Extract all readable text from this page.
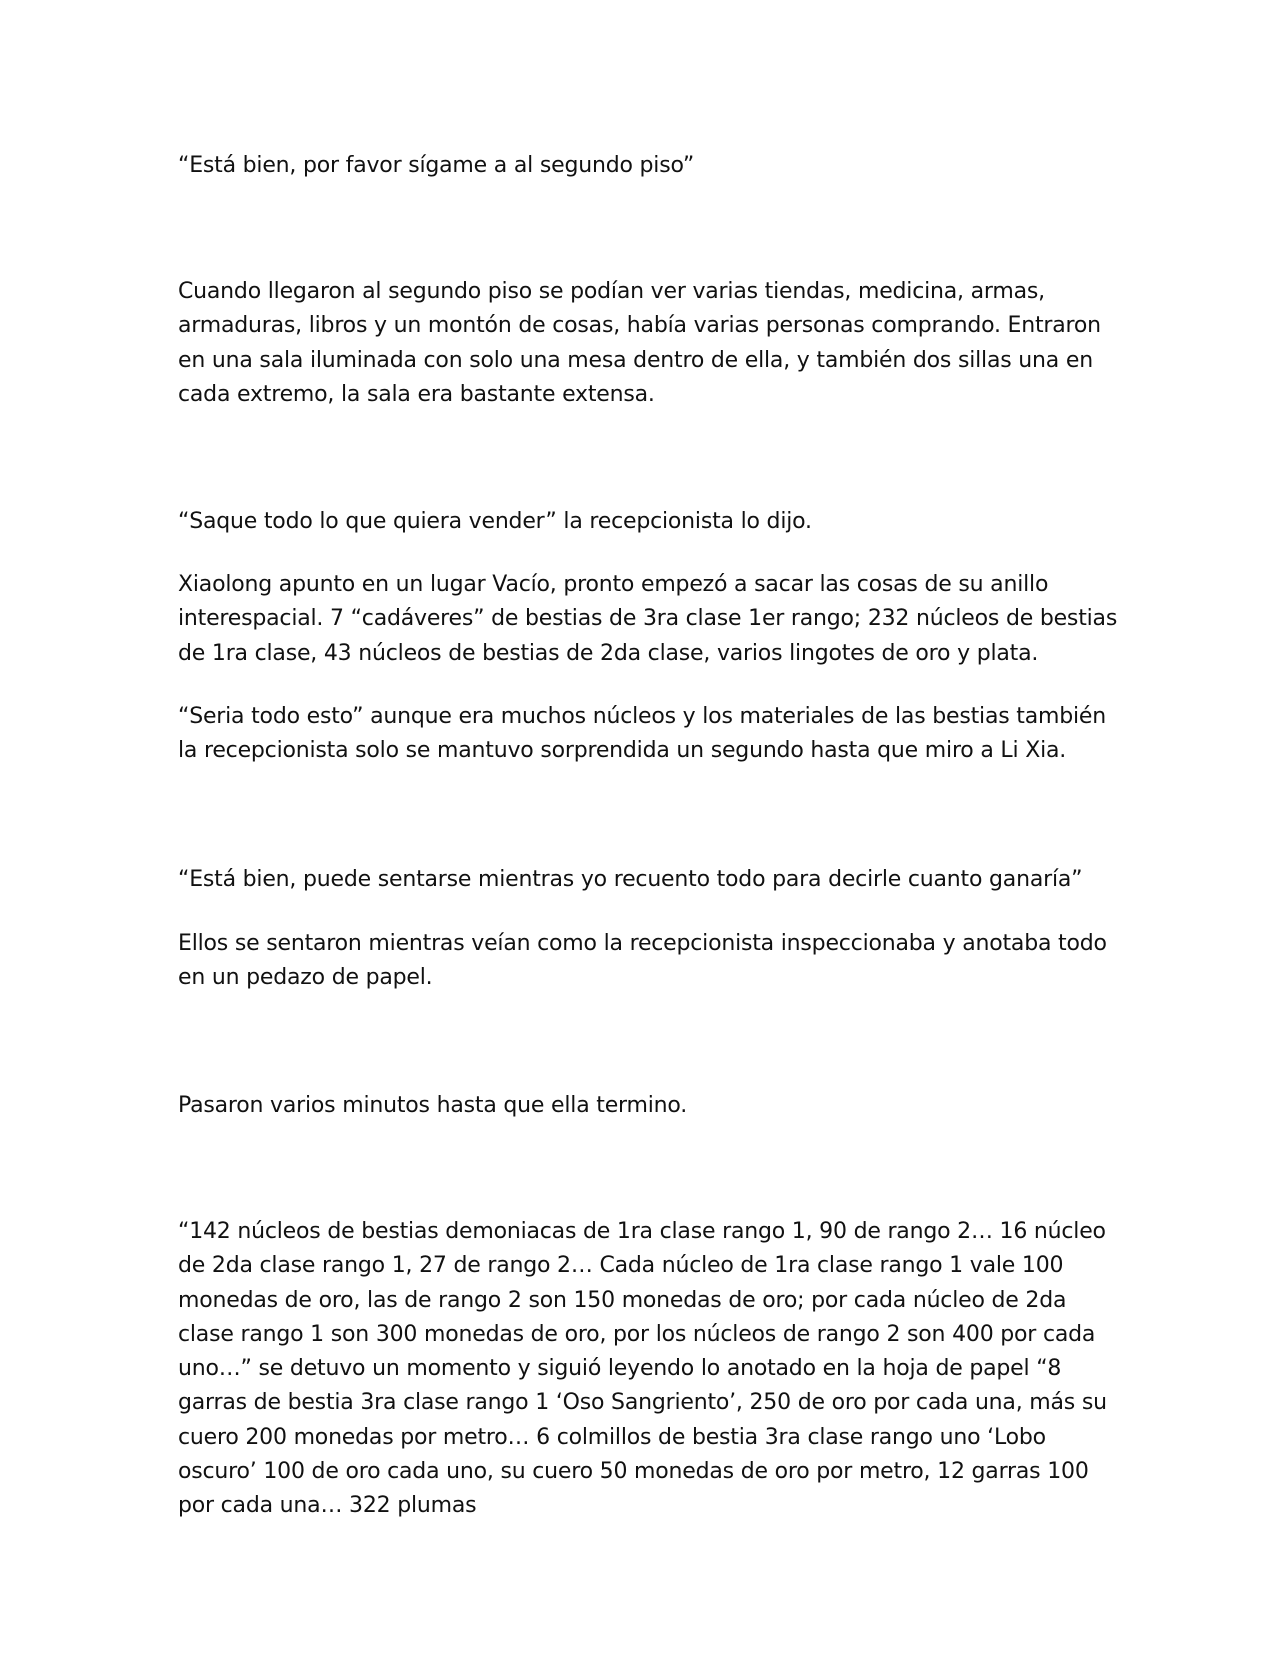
“Está bien, por favor sígame a al segundo piso”

Cuando llegaron al segundo piso se podían ver varias tiendas, medicina, armas, armaduras, libros y un montón de cosas, había varias personas comprando. Entraron en una sala iluminada con solo una mesa dentro de ella, y también dos sillas una en cada extremo, la sala era bastante extensa.

“Saque todo lo que quiera vender” la recepcionista lo dijo.

Xiaolong apunto en un lugar Vacío, pronto empezó a sacar las cosas de su anillo interespacial. 7 “cadáveres” de bestias de 3ra clase 1er rango; 232 núcleos de bestias de 1ra clase, 43 núcleos de bestias de 2da clase, varios lingotes de oro y plata.

“Seria todo esto” aunque era muchos núcleos y los materiales de las bestias también la recepcionista solo se mantuvo sorprendida un segundo hasta que miro a Li Xia.

“Está bien, puede sentarse mientras yo recuento todo para decirle cuanto ganaría”

Ellos se sentaron mientras veían como la recepcionista inspeccionaba y anotaba todo en un pedazo de papel.

Pasaron varios minutos hasta que ella termino.

“142 núcleos de bestias demoniacas de 1ra clase rango 1, 90 de rango 2… 16 núcleo de 2da clase rango 1, 27 de rango 2… Cada núcleo de 1ra clase rango 1 vale 100 monedas de oro, las de rango 2 son 150 monedas de oro; por cada núcleo de 2da clase rango 1 son 300 monedas de oro, por los núcleos de rango 2 son 400 por cada uno…” se detuvo un momento y siguió leyendo lo anotado en la hoja de papel “8 garras de bestia 3ra clase rango 1 ‘Oso Sangriento’, 250 de oro por cada una, más su cuero 200 monedas por metro… 6 colmillos de bestia 3ra clase rango uno ‘Lobo oscuro’ 100 de oro cada uno, su cuero 50 monedas de oro por metro, 12 garras 100 por cada una… 322 plumas
